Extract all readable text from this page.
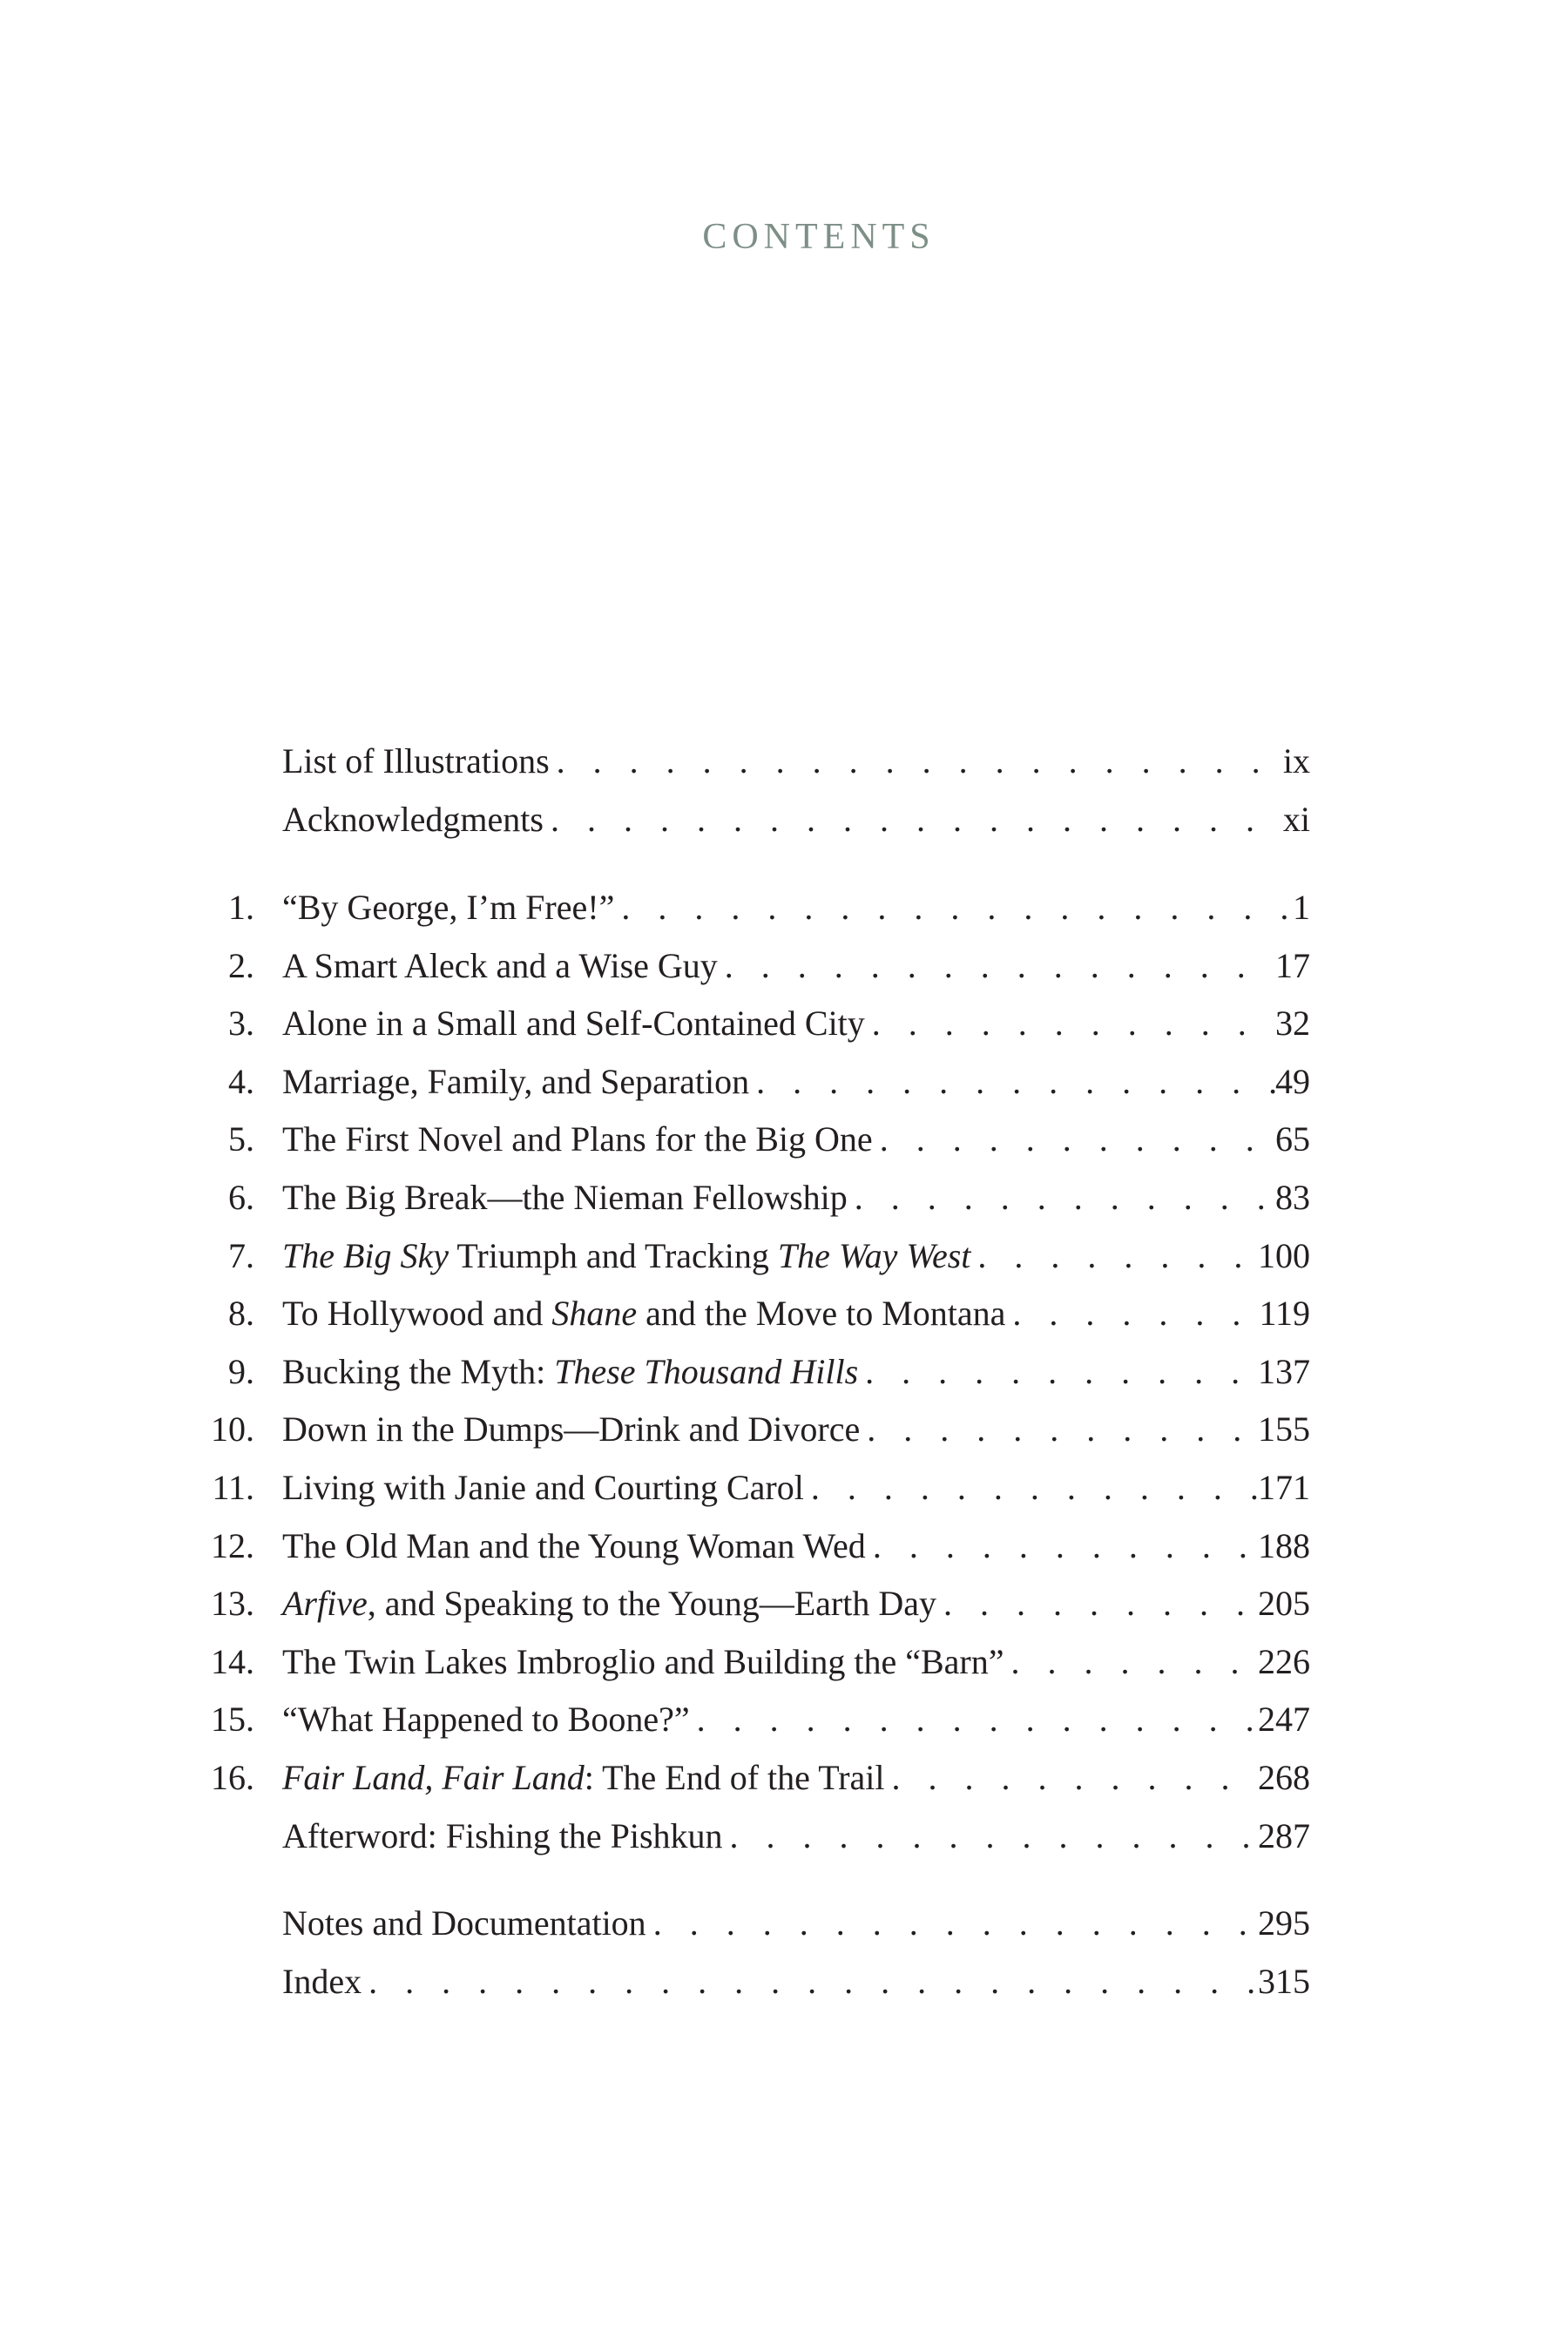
CONTENTS
List of Illustrations . . .	ix
Acknowledgments . . .	xi
1. “By George, I’m Free!” . . .	1
2. A Smart Aleck and a Wise Guy . . .	17
3. Alone in a Small and Self-Contained City . . .	32
4. Marriage, Family, and Separation . . .	49
5. The First Novel and Plans for the Big One . . .	65
6. The Big Break—the Nieman Fellowship . . .	83
7. The Big Sky Triumph and Tracking The Way West . . .	100
8. To Hollywood and Shane and the Move to Montana . . .	119
9. Bucking the Myth: These Thousand Hills . . .	137
10. Down in the Dumps—Drink and Divorce . . .	155
11. Living with Janie and Courting Carol . . .	171
12. The Old Man and the Young Woman Wed . . .	188
13. Arfive, and Speaking to the Young—Earth Day . . .	205
14. The Twin Lakes Imbroglio and Building the “Barn” . . .	226
15. “What Happened to Boone?” . . .	247
16. Fair Land, Fair Land: The End of the Trail . . .	268
Afterword: Fishing the Pishkun . . .	287
Notes and Documentation . . .	295
Index . . .	315
